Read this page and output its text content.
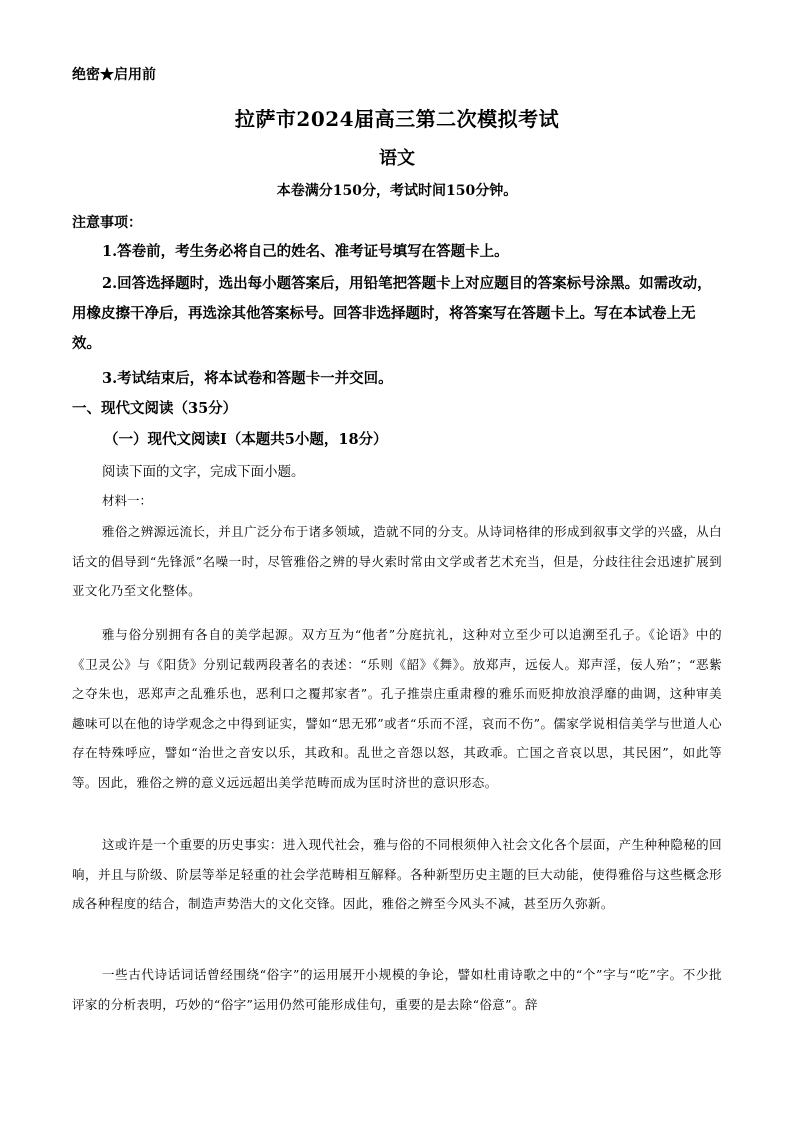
绝密★启用前
拉萨市2024届高三第二次模拟考试
语文
本卷满分150分，考试时间150分钟。
注意事项：

1.答卷前，考生务必将自己的姓名、准考证号填写在答题卡上。

2.回答选择题时，选出每小题答案后，用铅笔把答题卡上对应题目的答案标号涂黑。如需改动，用橡皮擦干净后，再选涂其他答案标号。回答非选择题时，将答案写在答题卡上。写在本试卷上无效。

3.考试结束后，将本试卷和答题卡一并交回。

一、现代文阅读（35分）
（一）现代文阅读Ⅰ（本题共5小题，18分）
阅读下面的文字，完成下面小题。
材料一：

雅俗之辨源远流长，并且广泛分布于诸多领域，造就不同的分支。从诗词格律的形成到叙事文学的兴盛，从白话文的倡导到“先锋派”名噪一时，尽管雅俗之辨的导火索时常由文学或者艺术充当，但是，分歧往往会迅速扩展到亚文化乃至文化整体。

雅与俗分别拥有各自的美学起源。双方互为“他者”分庭抗礼，这种对立至少可以追溯至孔子。《论语》中的《卫灵公》与《阳货》分别记载两段著名的表述：“乐则《韶》《舞》。放郑声，远佞人。郑声淫，佞人殆”；“恶紫之夺朱也，恶郑声之乱雅乐也，恶利口之覆邦家者”。孔子推崇庄重肃穆的雅乐而贬抑放浪浮靡的曲调，这种审美趣味可以在他的诗学观念之中得到证实，譬如“思无邪”或者“乐而不淫，哀而不伤”。儒家学说相信美学与世道人心存在特殊呼应，譬如“治世之音安以乐，其政和。乱世之音怨以怒，其政乖。亡国之音哀以思，其民困”，如此等等。因此，雅俗之辨的意义远远超出美学范畴而成为匡时济世的意识形态。

这或许是一个重要的历史事实：进入现代社会，雅与俗的不同根须伸入社会文化各个层面，产生种种隐秘的回响，并且与阶级、阶层等举足轻重的社会学范畴相互解释。各种新型历史主题的巨大动能，使得雅俗与这些概念形成各种程度的结合，制造声势浩大的文化交锋。因此，雅俗之辨至今风头不减，甚至历久弥新。

一些古代诗话词话曾经围绕“俗字”的运用展开小规模的争论，譬如杜甫诗歌之中的“个”字与“吃”字。不少批评家的分析表明，巧妙的“俗字”运用仍然可能形成佳句，重要的是去除“俗意”。辞
